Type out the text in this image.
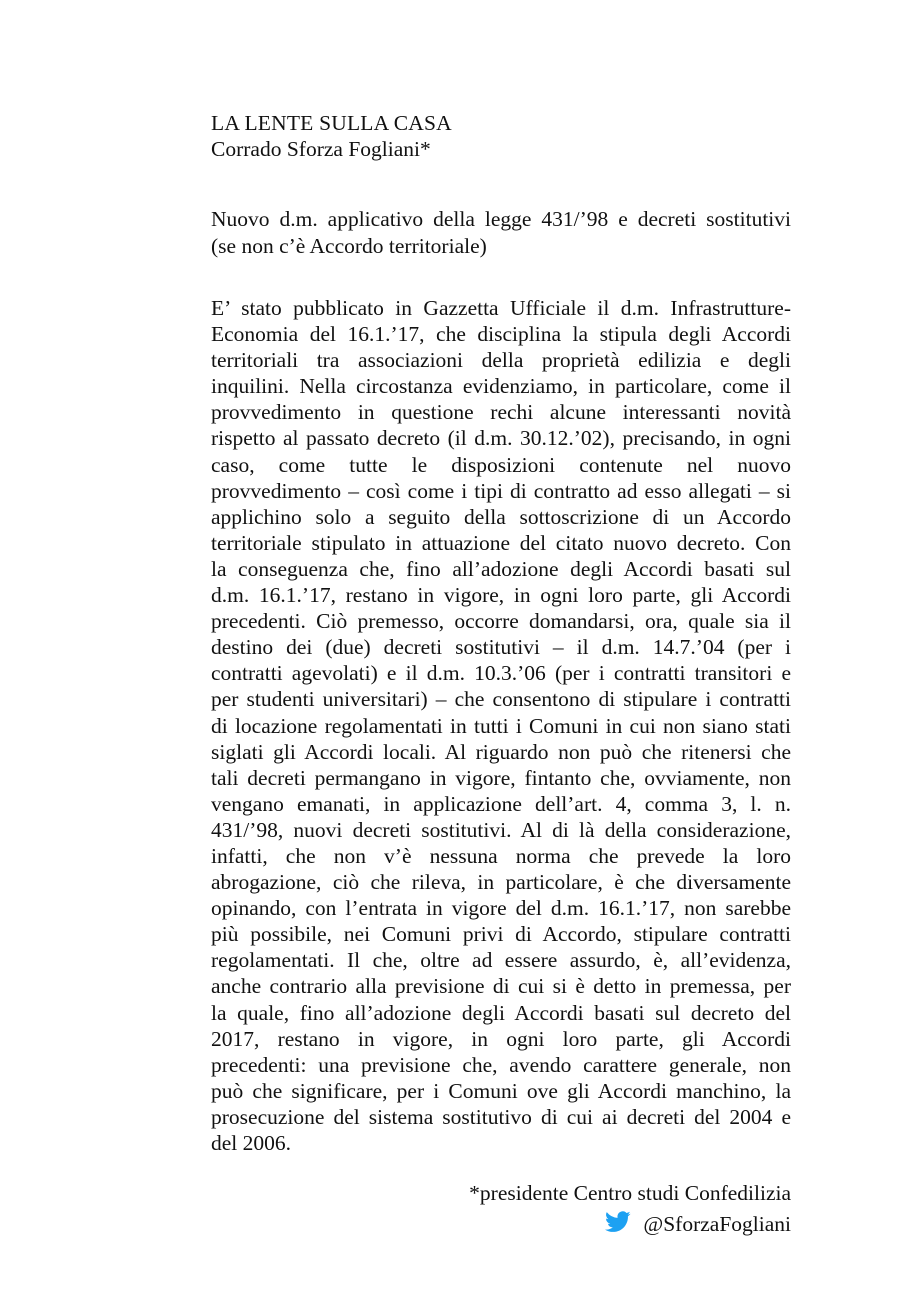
LA LENTE SULLA CASA
Corrado Sforza Fogliani*
Nuovo d.m. applicativo della legge 431/’98 e decreti sostitutivi
(se non c’è Accordo territoriale)
E’ stato pubblicato in Gazzetta Ufficiale il d.m. Infrastrutture-
Economia del 16.1.’17, che disciplina la stipula degli Accordi
territoriali tra associazioni della proprietà edilizia e degli
inquilini. Nella circostanza evidenziamo, in particolare, come il
provvedimento in questione rechi alcune interessanti novità
rispetto al passato decreto (il d.m. 30.12.’02), precisando, in ogni
caso, come tutte le disposizioni contenute nel nuovo
provvedimento – così come i tipi di contratto ad esso allegati – si
applichino solo a seguito della sottoscrizione di un Accordo
territoriale stipulato in attuazione del citato nuovo decreto. Con
la conseguenza che, fino all’adozione degli Accordi basati sul
d.m. 16.1.’17, restano in vigore, in ogni loro parte, gli Accordi
precedenti. Ciò premesso, occorre domandarsi, ora, quale sia il
destino dei (due) decreti sostitutivi – il d.m. 14.7.’04 (per i
contratti agevolati) e il d.m. 10.3.’06 (per i contratti transitori e
per studenti universitari) – che consentono di stipulare i contratti
di locazione regolamentati in tutti i Comuni in cui non siano stati
siglati gli Accordi locali. Al riguardo non può che ritenersi che
tali decreti permangano in vigore, fintanto che, ovviamente, non
vengano emanati, in applicazione dell’art. 4, comma 3, l. n.
431/’98, nuovi decreti sostitutivi. Al di là della considerazione,
infatti, che non v’è nessuna norma che prevede la loro
abrogazione, ciò che rileva, in particolare, è che diversamente
opinando, con l’entrata in vigore del d.m. 16.1.’17, non sarebbe
più possibile, nei Comuni privi di Accordo, stipulare contratti
regolamentati. Il che, oltre ad essere assurdo, è, all’evidenza,
anche contrario alla previsione di cui si è detto in premessa, per
la quale, fino all’adozione degli Accordi basati sul decreto del
2017, restano in vigore, in ogni loro parte, gli Accordi
precedenti: una previsione che, avendo carattere generale, non
può che significare, per i Comuni ove gli Accordi manchino, la
prosecuzione del sistema sostitutivo di cui ai decreti del 2004 e
del 2006.
*presidente Centro studi Confedilizia
@SforzaFogliani
